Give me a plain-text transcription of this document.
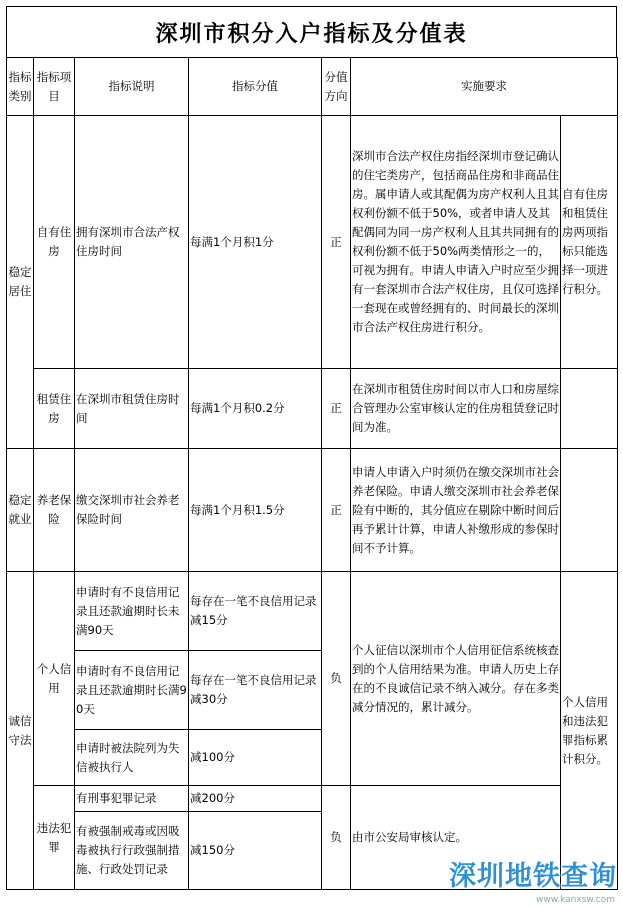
深圳市积分入户指标及分值表
指标类别	指标项目	指标说明	指标分值	分值方向	实施要求	
稳定居住	自有住房	拥有深圳市合法产权住房时间	每满1个月积1分	正	深圳市合法产权住房指经深圳市登记确认的住宅类房产，包括商品住房和非商品住房。属申请人或其配偶为房产权利人且其权利份额不低于50%，或者申请人及其配偶同为同一房产权利人且其共同拥有的权利份额不低于50%两类情形之一的，可视为拥有。申请人申请入户时应至少拥有一套深圳市合法产权住房，且仅可选择一套现在或曾经拥有的、时间最长的深圳市合法产权住房进行积分。	自有住房和租赁住房两项指标只能选择一项进行积分。
	租赁住房	在深圳市租赁住房时间	每满1个月积0.2分	正	在深圳市租赁住房时间以市人口和房屋综合管理办公室审核认定的住房租赁登记时间为准。	
稳定就业	养老保险	缴交深圳市社会养老保险时间	每满1个月积1.5分	正	申请人申请入户时须仍在缴交深圳市社会养老保险。申请人缴交深圳市社会养老保险有中断的，其分值应在剔除中断时间后再予累计计算，申请人补缴形成的参保时间不予计算。	
诚信守法	个人信用	申请时有不良信用记录且还款逾期时长未满90天	每存在一笔不良信用记录减15分	负	个人征信以深圳市个人信用征信系统核查到的个人信用结果为准。申请人历史上存在的不良诚信记录不纳入减分。存在多类减分情况的，累计减分。	个人信用和违法犯罪指标累计积分。
		申请时有不良信用记录且还款逾期时长满90天	每存在一笔不良信用记录减30分			
		申请时被法院列为失信被执行人	减100分			
	违法犯罪	有刑事犯罪记录	减200分	负	由市公安局审核认定。	
		有被强制戒毒或因吸毒被执行行政强制措施、行政处罚记录	减150分			
深圳地铁查询
www.kanxsw.com
